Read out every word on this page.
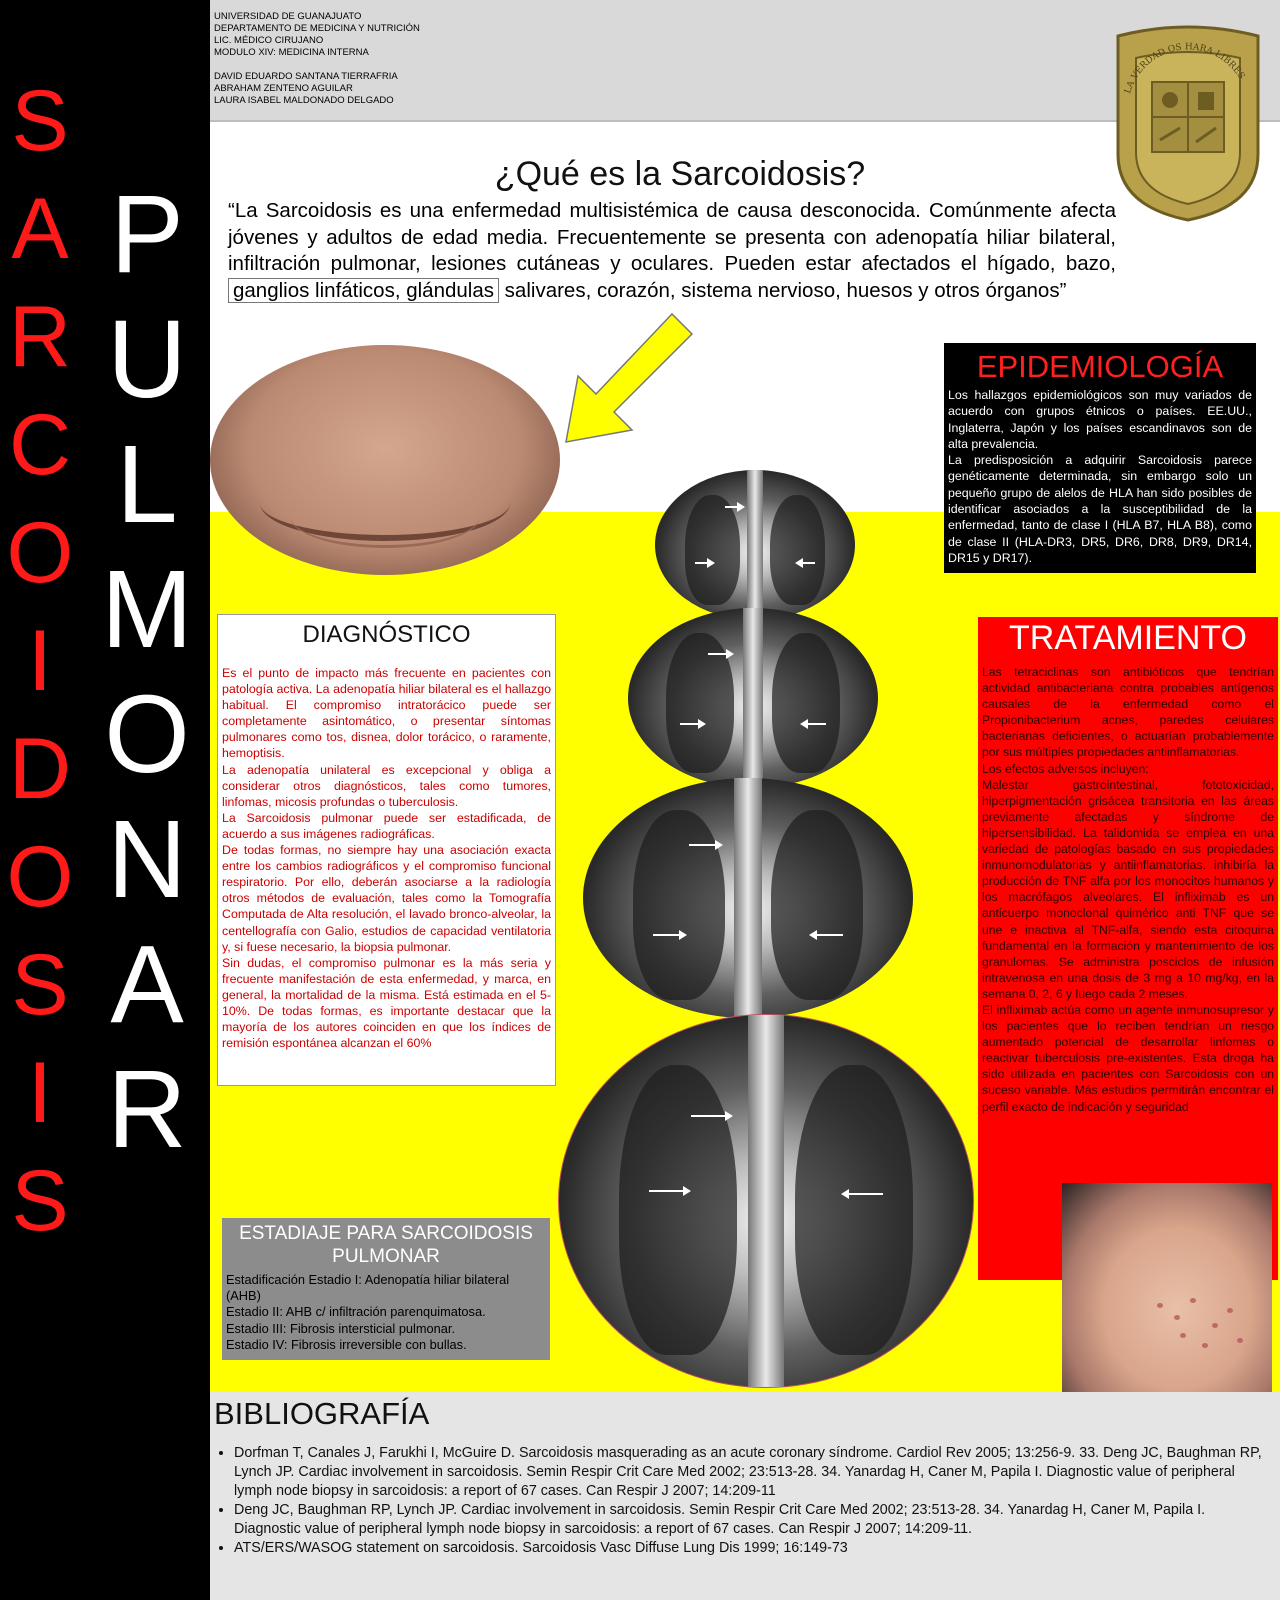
S
A
R
C
O
I
D
O
S
I
S
P
U
L
M
O
N
A
R
UNIVERSIDAD DE GUANAJUATO
DEPARTAMENTO DE MEDICINA Y NUTRICIÓN
LIC. MÉDICO CIRUJANO
MODULO XIV: MEDICINA INTERNA
DAVID EDUARDO SANTANA TIERRAFRIA
ABRAHAM ZENTENO AGUILAR
LAURA ISABEL MALDONADO DELGADO
LA VERDAD OS HARA LIBRES
¿Qué es la Sarcoidosis?
“La Sarcoidosis es una enfermedad multisistémica de causa desconocida. Comúnmente afecta jóvenes y adultos de edad media. Frecuentemente se presenta con adenopatía hiliar bilateral, infiltración pulmonar, lesiones cutáneas y oculares. Pueden estar afectados el hígado, bazo, ganglios linfáticos, glándulas salivares, corazón, sistema nervioso, huesos y otros órganos”
EPIDEMIOLOGÍA

Los hallazgos epidemiológicos son muy variados de acuerdo con grupos étnicos o países. EE.UU., Inglaterra, Japón y los países escandinavos son de alta prevalencia.

La predisposición a adquirir Sarcoidosis parece genéticamente determinada, sin embargo solo un pequeño grupo de alelos de HLA han sido posibles de identificar asociados a la susceptibilidad de la enfermedad, tanto de clase I (HLA B7, HLA B8), como de clase II (HLA-DR3, DR5, DR6, DR8, DR9, DR14, DR15 y DR17).

DIAGNÓSTICO

Es el punto de impacto más frecuente en pacientes con patología activa. La adenopatía hiliar bilateral es el hallazgo habitual. El compromiso intratorácico puede ser completamente asintomático, o presentar síntomas pulmonares como tos, disnea, dolor torácico, o raramente, hemoptisis.

La adenopatía unilateral es excepcional y obliga a considerar otros diagnósticos, tales como tumores, linfomas, micosis profundas o tuberculosis.

La Sarcoidosis pulmonar puede ser estadificada, de acuerdo a sus imágenes radiográficas.

De todas formas, no siempre hay una asociación exacta entre los cambios radiográficos y el compromiso funcional respiratorio. Por ello, deberán asociarse a la radiología otros métodos de evaluación, tales como la Tomografía Computada de Alta resolución, el lavado bronco-alveolar, la centellografía con Galio, estudios de capacidad ventilatoria y, si fuese necesario, la biopsia pulmonar.

Sin dudas, el compromiso pulmonar es la más seria y frecuente manifestación de esta enfermedad, y marca, en general, la mortalidad de la misma. Está estimada en el 5-10%. De todas formas, es importante destacar que la mayoría de los autores coinciden en que los índices de remisión espontánea alcanzan el 60%

TRATAMIENTO

Las tetraciclinas son antibióticos que tendrían actividad antibacteriana contra probables antígenos causales de la enfermedad como el Propionibacterium acnes, paredes celulares bacterianas deficientes, o actuarían probablemente por sus múltiples propiedades antiinflamatorias.

Los efectos adversos incluyen:

Malestar gastrointestinal, fototoxicidad, hiperpigmentación grisácea transitoria en las áreas previamente afectadas y síndrome de hipersensibilidad. La talidomida se emplea en una variedad de patologías basado en sus propiedades inmunomodulatorias y antiinflamatorias. inhibiría la producción de TNF alfa por los monocitos humanos y los macrófagos alveolares. El infliximab es un anticuerpo monoclonal quimérico anti TNF que se une e inactiva al TNF-alfa, siendo esta citoquina fundamental en la formación y mantenimiento de los granulomas. Se administra posciclos de infusión intravenosa en una dosis de 3 mg a 10 mg/kg, en la semana 0, 2, 6 y luego cada 2 meses.

El infliximab actúa como un agente inmunosupresor y los pacientes que lo reciben tendrían un riesgo aumentado potencial de desarrollar linfomas o reactivar tuberculosis pre-existentes. Esta droga ha sido utilizada en pacientes con Sarcoidosis con un suceso variable. Más estudios permitirán encontrar el perfil exacto de indicación y seguridad

ESTADIAJE PARA SARCOIDOSIS PULMONAR
Estadificación Estadio I: Adenopatía hiliar bilateral (AHB)
Estadio II: AHB c/ infiltración parenquimatosa.
Estadio III: Fibrosis intersticial pulmonar.
Estadio IV: Fibrosis irreversible con bullas.
BIBLIOGRAFÍA
• Dorfman T, Canales J, Farukhi I, McGuire D. Sarcoidosis masquerading as an acute coronary síndrome. Cardiol Rev 2005; 13:256-9. 33. Deng JC, Baughman RP, Lynch JP. Cardiac involvement in sarcoidosis. Semin Respir Crit Care Med 2002; 23:513-28. 34. Yanardag H, Caner M, Papila I. Diagnostic value of peripheral lymph node biopsy in sarcoidosis: a report of 67 cases. Can Respir J 2007; 14:209-11
• Deng JC, Baughman RP, Lynch JP. Cardiac involvement in sarcoidosis. Semin Respir Crit Care Med 2002; 23:513-28. 34. Yanardag H, Caner M, Papila I. Diagnostic value of peripheral lymph node biopsy in sarcoidosis: a report of 67 cases. Can Respir J 2007; 14:209-11.
• ATS/ERS/WASOG statement on sarcoidosis. Sarcoidosis Vasc Diffuse Lung Dis 1999; 16:149-73
